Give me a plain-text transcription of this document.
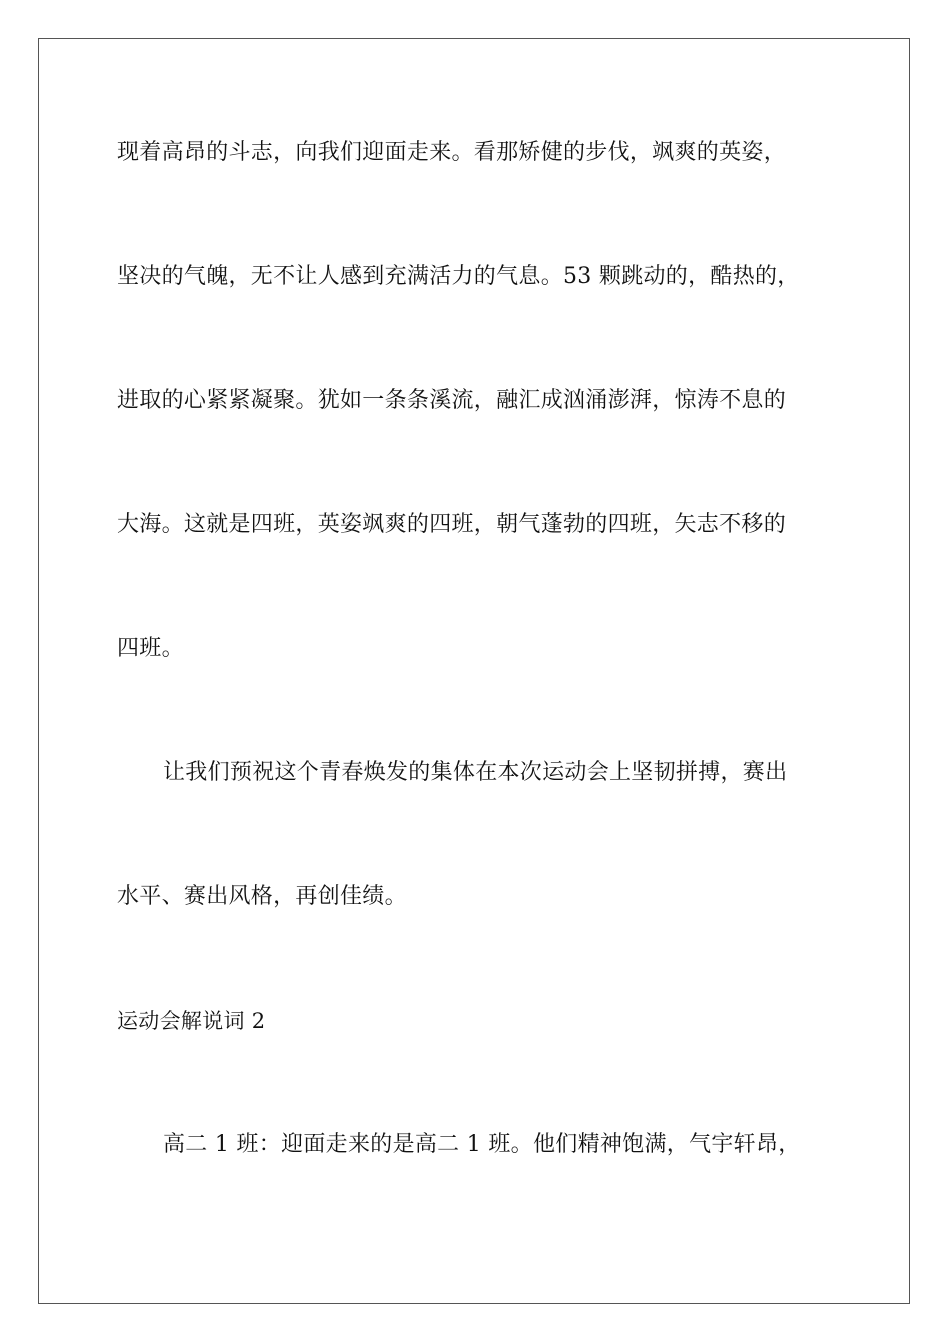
现着高昂的斗志，向我们迎面走来。看那矫健的步伐，飒爽的英姿，
坚决的气魄，无不让人感到充满活力的气息。53 颗跳动的，酷热的，
进取的心紧紧凝聚。犹如一条条溪流，融汇成汹涌澎湃，惊涛不息的
大海。这就是四班，英姿飒爽的四班，朝气蓬勃的四班，矢志不移的
四班。
让我们预祝这个青春焕发的集体在本次运动会上坚韧拼搏，赛出
水平、赛出风格，再创佳绩。
运动会解说词 2
高二 1 班：迎面走来的是高二 1 班。他们精神饱满，气宇轩昂，
